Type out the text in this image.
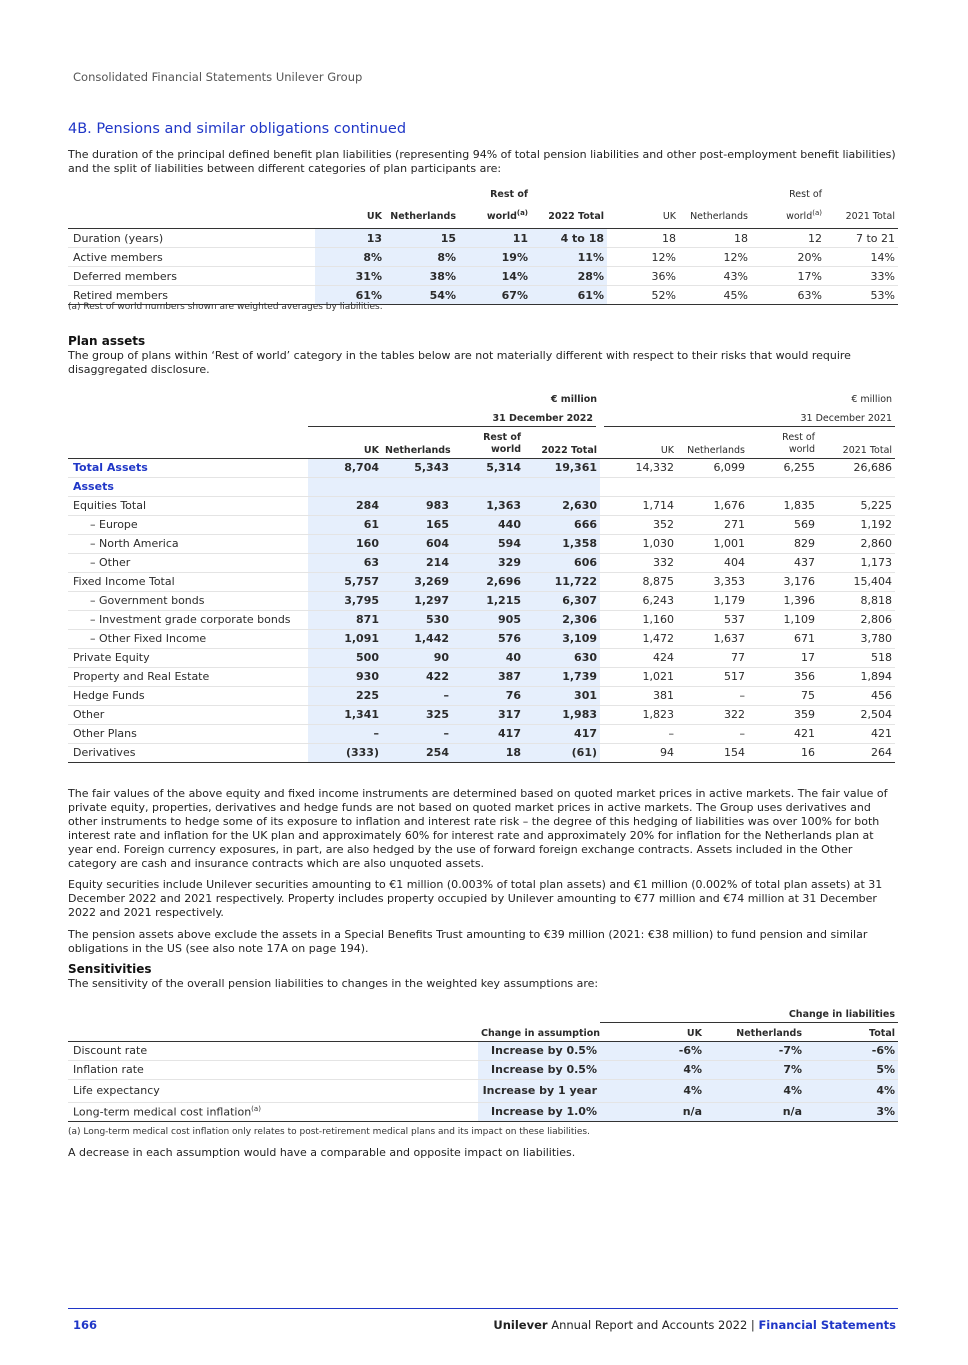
Consolidated Financial Statements Unilever Group
4B. Pensions and similar obligations continued
The duration of the principal defined benefit plan liabilities (representing 94% of total pension liabilities and other post-employment benefit liabilities) and the split of liabilities between different categories of plan participants are:
	UK	Netherlands	Rest of
world$^{(a)}$	2022 Total	UK	Netherlands	Rest of
world$^{(a)}$	2021 Total
Duration (years)	13	15	11	4 to 18	18	18	12	7 to 21
Active members	8%	8%	19%	11%	12%	12%	20%	14%
Deferred members	31%	38%	14%	28%	36%	43%	17%	33%
Retired members	61%	54%	67%	61%	52%	45%	63%	53%
(a) Rest of world numbers shown are weighted averages by liabilities.
Plan assets
The group of plans within ‘Rest of world’ category in the tables below are not materially different with respect to their risks that would require disaggregated disclosure.
	€ million				€ million			
	31 December 2022				31 December 2021			
	UK	Netherlands	Rest of
world	2022 Total	UK	Netherlands	Rest of
world	2021 Total
Total Assets	8,704	5,343	5,314	19,361	14,332	6,099	6,255	26,686
Assets								
Equities Total	284	983	1,363	2,630	1,714	1,676	1,835	5,225
– Europe	61	165	440	666	352	271	569	1,192
– North America	160	604	594	1,358	1,030	1,001	829	2,860
– Other	63	214	329	606	332	404	437	1,173
Fixed Income Total	5,757	3,269	2,696	11,722	8,875	3,353	3,176	15,404
– Government bonds	3,795	1,297	1,215	6,307	6,243	1,179	1,396	8,818
– Investment grade corporate bonds	871	530	905	2,306	1,160	537	1,109	2,806
– Other Fixed Income	1,091	1,442	576	3,109	1,472	1,637	671	3,780
Private Equity	500	90	40	630	424	77	17	518
Property and Real Estate	930	422	387	1,739	1,021	517	356	1,894
Hedge Funds	225	–	76	301	381	–	75	456
Other	1,341	325	317	1,983	1,823	322	359	2,504
Other Plans	–	–	417	417	–	–	421	421
Derivatives	(333)	254	18	(61)	94	154	16	264
The fair values of the above equity and fixed income instruments are determined based on quoted market prices in active markets. The fair value of private equity, properties, derivatives and hedge funds are not based on quoted market prices in active markets. The Group uses derivatives and other instruments to hedge some of its exposure to inflation and interest rate risk – the degree of this hedging of liabilities was over 100% for both interest rate and inflation for the UK plan and approximately 60% for interest rate and approximately 20% for inflation for the Netherlands plan at year end. Foreign currency exposures, in part, are also hedged by the use of forward foreign exchange contracts. Assets included in the Other category are cash and insurance contracts which are also unquoted assets.
Equity securities include Unilever securities amounting to €1 million (0.003% of total plan assets) and €1 million (0.002% of total plan assets) at 31 December 2022 and 2021 respectively. Property includes property occupied by Unilever amounting to €77 million and €74 million at 31 December 2022 and 2021 respectively.
The pension assets above exclude the assets in a Special Benefits Trust amounting to €39 million (2021: €38 million) to fund pension and similar obligations in the US (see also note 17A on page 194).
Sensitivities
The sensitivity of the overall pension liabilities to changes in the weighted key assumptions are:
		Change in liabilities		
	Change in assumption	UK	Netherlands	Total
Discount rate	Increase by 0.5%	-6%	-7%	-6%
Inflation rate	Increase by 0.5%	4%	7%	5%
Life expectancy	Increase by 1 year	4%	4%	4%
Long-term medical cost inflation$^{(a)}$	Increase by 1.0%	n/a	n/a	3%
(a) Long-term medical cost inflation only relates to post-retirement medical plans and its impact on these liabilities.
A decrease in each assumption would have a comparable and opposite impact on liabilities.
166	Unilever Annual Report and Accounts 2022 | Financial Statements
